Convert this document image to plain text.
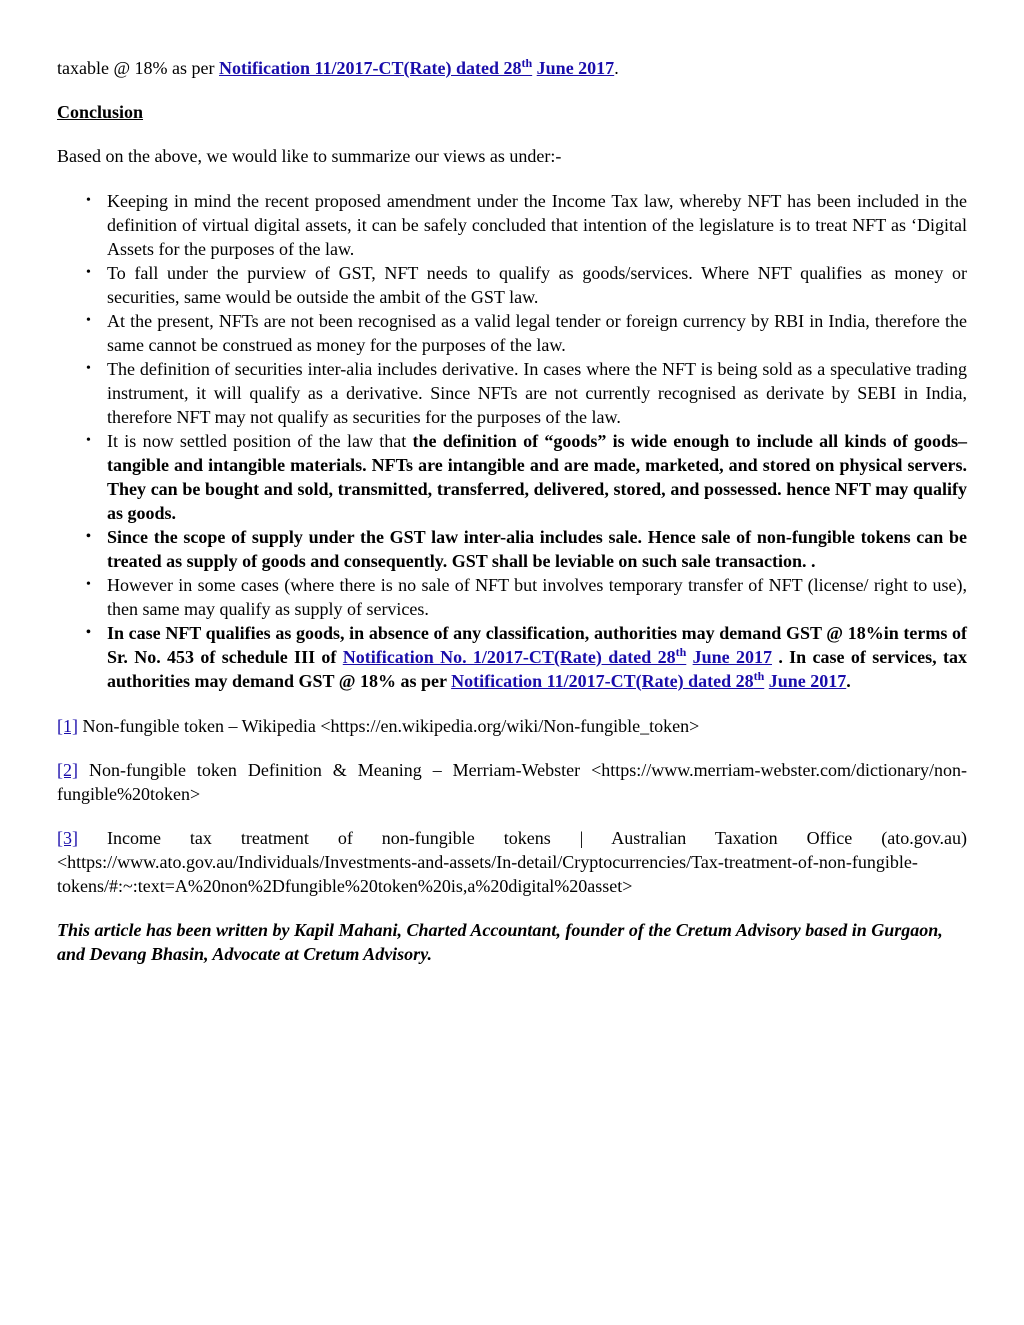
taxable @ 18% as per Notification 11/2017-CT(Rate) dated 28th June 2017.

Conclusion

Based on the above, we would like to summarize our views as under:-

• Keeping in mind the recent proposed amendment under the Income Tax law, whereby NFT has been included in the definition of virtual digital assets, it can be safely concluded that intention of the legislature is to treat NFT as ‘Digital Assets for the purposes of the law.
• To fall under the purview of GST, NFT needs to qualify as goods/services. Where NFT qualifies as money or securities, same would be outside the ambit of the GST law.
• At the present, NFTs are not been recognised as a valid legal tender or foreign currency by RBI in India, therefore the same cannot be construed as money for the purposes of the law.
• The definition of securities inter-alia includes derivative. In cases where the NFT is being sold as a speculative trading instrument, it will qualify as a derivative. Since NFTs are not currently recognised as derivate by SEBI in India, therefore NFT may not qualify as securities for the purposes of the law.
• It is now settled position of the law that the definition of “goods” is wide enough to include all kinds of goods– tangible and intangible materials. NFTs are intangible and are made, marketed, and stored on physical servers. They can be bought and sold, transmitted, transferred, delivered, stored, and possessed. hence NFT may qualify as goods.
• Since the scope of supply under the GST law inter-alia includes sale. Hence sale of non-fungible tokens can be treated as supply of goods and consequently. GST shall be leviable on such sale transaction. .
• However in some cases (where there is no sale of NFT but involves temporary transfer of NFT (license/ right to use), then same may qualify as supply of services.
• In case NFT qualifies as goods, in absence of any classification, authorities may demand GST @ 18%in terms of Sr. No. 453 of schedule III of Notification No. 1/2017-CT(Rate) dated 28th June 2017 . In case of services, tax authorities may demand GST @ 18% as per Notification 11/2017-CT(Rate) dated 28th June 2017.

[1] Non-fungible token – Wikipedia <https://en.wikipedia.org/wiki/Non-fungible_token>

[2] Non-fungible token Definition & Meaning – Merriam-Webster <https://www.merriam-webster.com/dictionary/non-fungible%20token>

[3] Income tax treatment of non-fungible tokens | Australian Taxation Office (ato.gov.au) <https://www.ato.gov.au/Individuals/Investments-and-assets/In-detail/Cryptocurrencies/Tax-treatment-of-non-fungible-tokens/#:~:text=A%20non%2Dfungible%20token%20is,a%20digital%20asset>

This article has been written by Kapil Mahani, Charted Accountant, founder of the Cretum Advisory based in Gurgaon, and Devang Bhasin, Advocate at Cretum Advisory.
